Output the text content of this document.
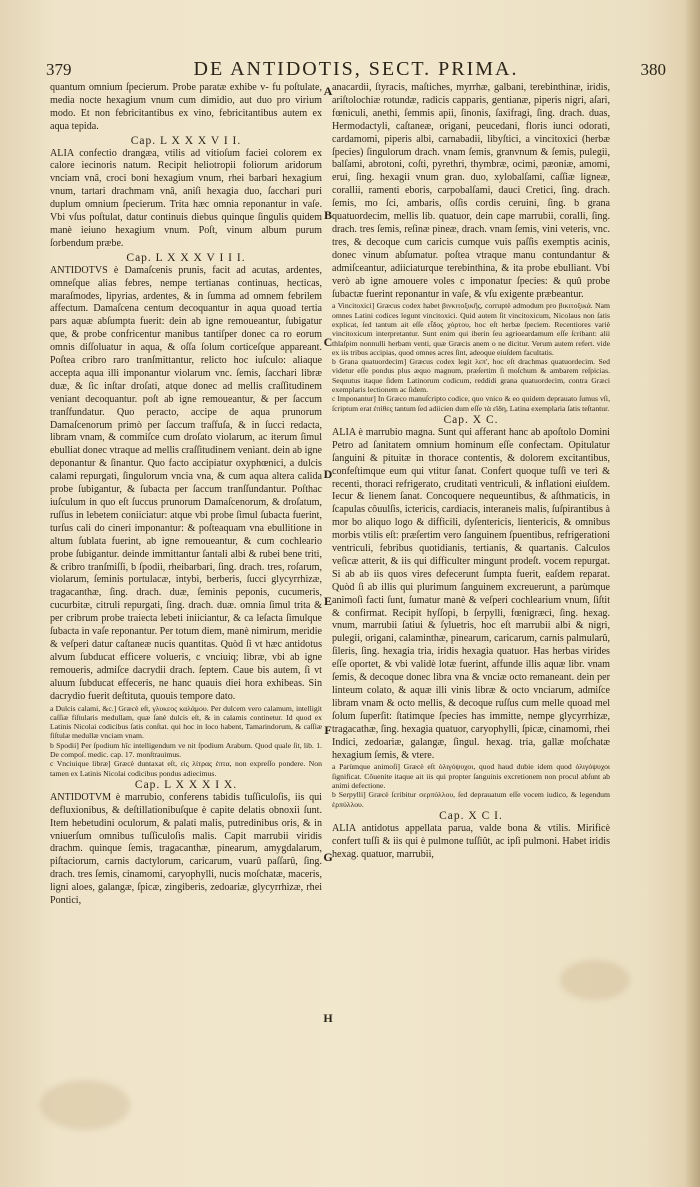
379	DE ANTIDOTIS, SECT. PRIMA.	380

quantum omnium ſpecierum. Probe paratæ exhibe v- fu poſtulate, media nocte hexagium vnum cum dimidio, aut duo pro virium modo. Et non febricitantibus ex vino, febricitantibus autem ex aqua tepida.

Cap. L X X X V I I.

ALIA confectio drangæa, vtilis ad vitioſum faciei colorem ex calore iecinoris natum. Recipit heliotropii foliorum aridorum vnciam vnâ, croci boni hexagium vnum, rhei barbari hexagium vnum, tartari drachmam vnâ, aniſi hexagia duo, ſacchari puri duplum omnium ſpecierum. Trita hæc omnia reponantur in vaſe. Vbi vſus poſtulat, datur continuis diebus quinque ſingulis quidem manè ieiuno hexagium vnum. Poſt, vinum album purum ſorbendum præbe.

Cap. L X X X V I I I.

ANTIDOTVS è Damaſcenis prunis, facit ad acutas, ardentes, omneſque alias febres, nempe tertianas continuas, hecticas, maraſmodes, lipyrias, ardentes, & in ſumma ad omnem febrilem affectum. Damaſcena centum decoquantur in aqua quoad tertia pars aquæ abſumpta fuerit: dein ab igne remoueantur, ſubigatur que, & probe confricentur manibus tantiſper donec ca ro eorum omnis diſſoluatur in aqua, & oſſa ſolum corticeſque appareant. Poſtea cribro raro tranſmittantur, relicto hoc iuſculo: aliaque accepta aqua illi imponantur violarum vnc. ſemis, ſacchari libræ duæ, & ſic inſtar droſati, atque donec ad mellis craſſitudinem veniant decoquantur. poſt ab igne remoueantur, & per ſaccum tranſfundatur. Quo peracto, accipe de aqua prunorum Damaſcenorum primò per ſaccum traſfuſa, & in ſucci redacta, libram vnam, & commiſce cum droſato violarum, ac iterum ſimul ebulliat donec vtraque ad mellis craſſitudinem veniant. dein ab igne deponantur & ſinantur. Quo facto accipiatur oxyphœnici, a dulcis calami repurgati, ſingulorum vncia vna, & cum aqua altera calida probe ſubigantur, & ſubacta per ſaccum tranſſundantur. Poſthac iuſculum in quo eſt ſuccus prunorum Damaſcenorum, & droſatum, ruſſus in lebetem coniiciatur: atque vbi probe ſimul ſubacta fuerint, turſus cali do cineri imponantur: & poſteaquam vna ebullitione in altum ſublata fuerint, ab igne remoueantur, & cum cochleario probe ſubigantur. deinde immittantur ſantali albi & rubei bene triti, & cribro tranſmiſſi, b ſpodii, rheibarbari, ſing. drach. tres, roſarum, violarum, ſeminis portulacæ, intybi, berberis, ſucci glycyrrhizæ, tragacanthæ, ſing. drach. duæ, ſeminis peponis, cucumeris, cucurbitæ, citruli repurgati, ſing. drach. duæ. omnia ſimul trita & per cribrum probe traiecta lebeti iniiciantur, & ca leſacta ſimulque ſubacta in vaſe reponantur. Per totum diem, manè nimirum, meridie & veſperi datur caſtaneæ nucis quantitas. Quòd ſi vt hæc antidotus alvum ſubducat efficere volueris, c vnciuiq; libræ, vbi ab igne remoueris, admiſce dacrydii drach. ſeptem. Caue bis autem, ſi vt aluum ſubducat effeceris, ne hanc quauis diei hora exhibeas. Sin dacrydio fuerit deſtituta, quouis tempore dato.

a Dulcis calami, &c.] Græcè eſt, γλυκεος καλάμου. Per dulcem vero calamum, intelligit caſſiæ fiſtularis medullam, quæ ſanè dulcis eſt, & in calamis continetur. Id quod ex Latinis Nicolai codicibus ſatis conſtat. qui hoc in loco habent, Tamarindorum, & caſſiæ fiſtulæ medullæ vnciam vnam.

b Spodii] Per ſpodium hîc intelligendum ve nit ſpodium Arabum. Quod quale ſit, lib. 1. De compoſ. medic. cap. 17. monſtrauimus.

c Vnciuique libræ] Græcè duntaxat eſt, εἰς λίτρας ἑπτα, non expreſſo pondere. Non tamen ex Latinis Nicolai codicibus pondus adiecimus.

Cap. L X X X I X.

ANTIDOTVM è marrubio, conferens tabidis tuſſiculoſis, iis qui defluxionibus, & deſtillationibuſque è capite delatis obnoxii ſunt. Item hebetudini oculorum, & palati malis, putredinibus oris, & in vniuerſum omnibus tuſſiculoſis malis. Capit marrubii viridis drachm. quinque ſemis, tragacanthæ, pinearum, amygdalarum, piſtaciorum, carnis dactylorum, caricarum, vuarû paſſarû, ſing. drach. tres ſemis, cinamomi, caryophylli, nucis moſchatæ, maceris, ligni aloes, galangæ, ſpicæ, zingiberis, zedoariæ, glycyrrhizæ, rhei Pontici,

anacardii, ſtyracis, maſtiches, myrrhæ, galbani, terebinthinæ, iridis, ariſtolochiæ rotundæ, radicis capparis, gentianæ, piperis nigri, aſari, fœniculi, anethi, ſemmis apii, ſinonis, ſaxifragi, ſing. drach. duas, Hermodactyli, caſtaneæ, origani, peucedani, floris iunci odorati, cardamomi, piperis albi, carnabadii, libyſtici, a vincitoxici (herbæ ſpecies) ſingulorum drach. vnam ſemis, granvnum & ſemis, pulegii, balſami, abrotoni, coſti, pyrethri, thymbræ, ocimi, pæoniæ, amomi, erui, ſing. hexagii vnum gran. duo, xylobalſami, caſſiæ ligneæ, corallii, ramenti eboris, carpobalſami, dauci Cretici, ſing. drach. ſemis, mo ſci, ambaris, oſſis cordis ceruini, ſing. b grana quatuordecim, mellis lib. quatuor, dein cape marrubii, coralli, ſing. drach. tres ſemis, reſinæ pineæ, drach. vnam ſemis, vini veteris, vnc. tres, & decoque cum caricis cumque vuis paſſis exemptis acinis, donec vinum abſumatur. poſtea vtraque manu contundantur & admiſceantur, adiiciaturque terebinthina, & ita probe ebulliant. Vbi verò ab igne amouere voles c imponatur ſpecies: & quû probe ſubactæ fuerint reponantur in vaſe, & vſu exigente præbeantur.

a Vincitoxici] Græcus codex habet βινκιτοξικῆς, corruptè admodum pro βικιτοξικά. Nam omnes Latini codices legunt vincitoxici. Quid autem ſit vincitoxicum, Nicolaus non ſatis explicat, ſed tantum ait eſſe εἶδος χόρτου, hoc eſt herbæ ſpeciem. Recentiores variè vincitoxicum interpretantur. Sunt enim qui iberin ſeu agrioeardamum eſſe ſcribant: alii thlaſpim nonnulli herbam venti, quæ Græcis anem o ne dicitur. Verum autem refert. vide ex iis tribus accipias, quod omnes acres ſint, adeoque eiuſdem facultatis.

b Grana quatuordecim] Græcus codex legit λεπ', hoc eſt drachmas quatuordecim. Sed videtur eſſe pondus plus æquo magnum, præſertim ſi moſchum & ambarem reſpicias. Sequutus itaque ſidem Latinorum codicum, reddidi grana quatuordecim, contra Græci exemplaris lectionem ac ſidem.

c Imponantur] In Græco manuſcripto codice, quo vnico & eo quidem deprauato ſumus vſi, ſcriptum erat ἐπίθες tantum ſed adiicien dum eſſe τὰ εἴδη, Latina exemplaria ſatis teſtantur.

Cap. X C.

ALIA è marrubio magna. Sunt qui afferant hanc ab apoſtolo Domini Petro ad ſanitatem omnium hominum eſſe confectam. Opitulatur ſanguini & pituitæ in thorace contentis, & dolorem excitantibus, confeſtimque eum qui vtitur ſanat. Confert quoque tuſſi ve teri & recenti, thoraci refrigerato, cruditati ventriculi, & inflationi eiuſdem. Iecur & lienem ſanat. Concoquere nequeuntibus, & aſthmaticis, in ſcapulas côuulſis, ictericis, cardiacis, interaneis malis, ſuſpirantibus à mor bo aliquo logo & difficili, dyſentericis, lientericis, & omnibus morbis vtilis eſt: præſertim vero ſanguinem ſpuentibus, refrigerationi ventriculi, febribus quotidianis, tertianis, & quartanis. Calculos veſicæ atterit, & iis qui difficulter mingunt prodeſt. vocem repurgat. Si ab ab iis quos vires defecerunt ſumpta fuerit, eaſdem reparat. Quòd ſi ab illis qui plurimum ſanguinem excreuerunt, a parùmque animoſi facti ſunt, ſumatur manè & veſperi cochlearium vnum, ſiſtit & confirmat. Recipit hyſſopi, b ſerpylli, fœnigræci, ſing. hexag. vnum, marrubii ſatiui & ſyluetris, hoc eſt marrubii albi & nigri, pulegii, origani, calaminthæ, pinearum, caricarum, carnis palmularû, ſileris, ſing. hexagia tria, iridis hexagia quatuor. Has herbas virides eſſe oportet, & vbi validè lotæ fuerint, affunde illis aquæ libr. vnam ſemis, & decoque donec libra vna & vnciæ octo remaneant. dein per linteum colato, & aquæ illi vinis libræ & octo vnciarum, admiſce libram vnam & octo mellis, & decoque ruſſus cum melle quoad mel ſolum ſuperſit: ſtatimque ſpecies has immitte, nempe glycyrrhizæ, tragacathæ, ſing. hexagia quatuor, caryophylli, ſpicæ, cinamomi, rhei Indici, zedoariæ, galangæ, ſingul. hexag. tria, gallæ moſchatæ hexagium ſemis, & vtere.

a Parùmque animoſi] Græcè eſt ὀλιγόψυχοι, quod haud dubie idem quod ὀλιγόψυχοι ſignificat. Côuenite itaque ait iis qui propter ſanguinis excretionem non procul abſunt ab animi defectione.

b Serpylli] Græcè ſcribitur σερπύλλου, ſed deprauatum eſſe vocem iudico, & legendum ἑρπύλλου.

Cap. X C I.

ALIA antidotus appellata parua, valde bona & vtilis. Mirificè confert tuſſi & iis qui è pulmone tuſſiût, ac ipſi pulmoni. Habet iridis hexag. quatuor, marrubii,

A
B
C
D
E
F
G
H
